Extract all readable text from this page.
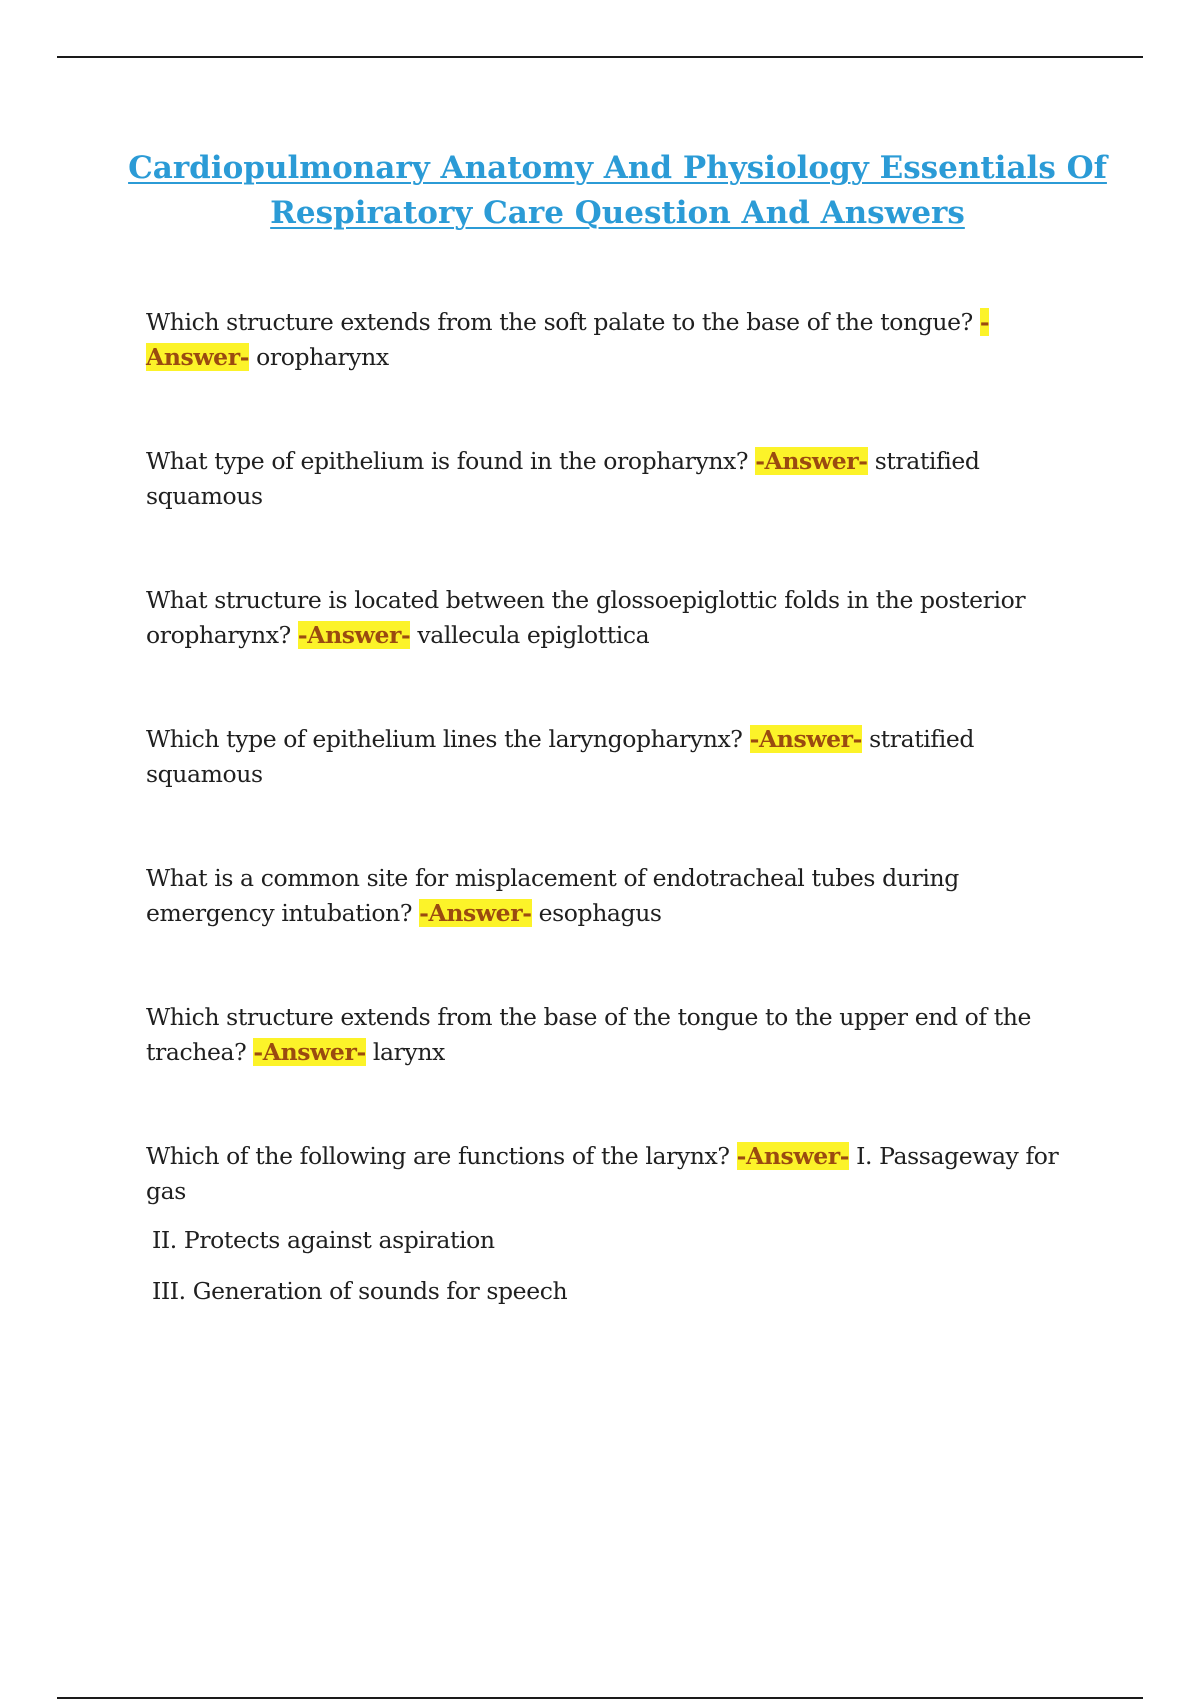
Cardiopulmonary Anatomy And Physiology Essentials Of Respiratory Care Question And Answers

Which structure extends from the soft palate to the base of the tongue? -Answer- oropharynx

What type of epithelium is found in the oropharynx? -Answer- stratified squamous

What structure is located between the glossoepiglottic folds in the posterior oropharynx? -Answer- vallecula epiglottica

Which type of epithelium lines the laryngopharynx? -Answer- stratified squamous

What is a common site for misplacement of endotracheal tubes during emergency intubation? -Answer- esophagus

Which structure extends from the base of the tongue to the upper end of the trachea? -Answer- larynx

Which of the following are functions of the larynx? -Answer- I. Passageway for gas

II. Protects against aspiration

III. Generation of sounds for speech
